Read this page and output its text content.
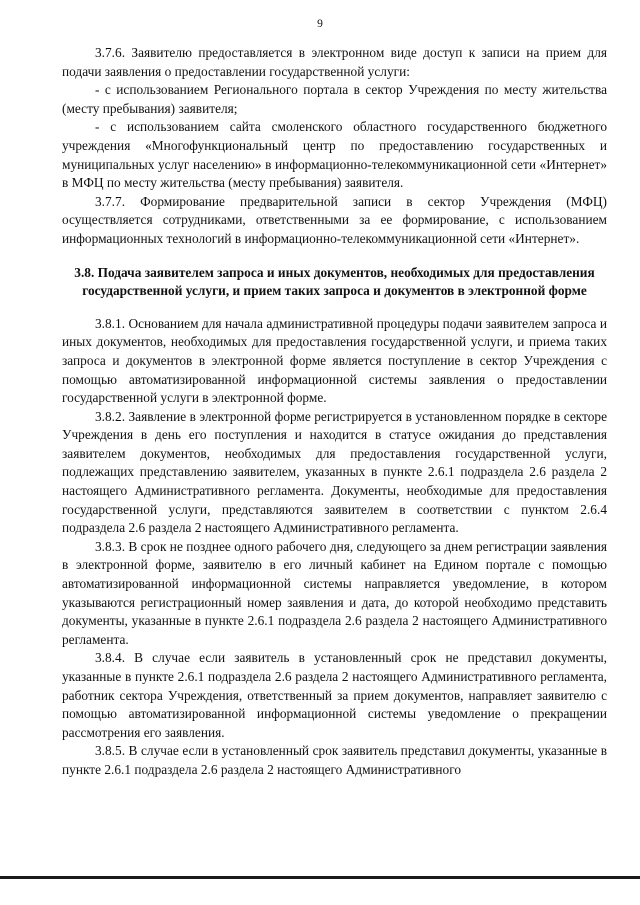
9

3.7.6. Заявителю предоставляется в электронном виде доступ к записи на прием для подачи заявления о предоставлении государственной услуги:

- с использованием Регионального портала в сектор Учреждения по месту жительства (месту пребывания) заявителя;

- с использованием сайта смоленского областного государственного бюджетного учреждения «Многофункциональный центр по предоставлению государственных и муниципальных услуг населению» в информационно-телекоммуникационной сети «Интернет» в МФЦ по месту жительства (месту пребывания) заявителя.

3.7.7. Формирование предварительной записи в сектор Учреждения (МФЦ) осуществляется сотрудниками, ответственными за ее формирование, с использованием информационных технологий в информационно-телекоммуникационной сети «Интернет».

3.8. Подача заявителем запроса и иных документов, необходимых для предоставления государственной услуги, и прием таких запроса и документов в электронной форме

3.8.1. Основанием для начала административной процедуры подачи заявителем запроса и иных документов, необходимых для предоставления государственной услуги, и приема таких запроса и документов в электронной форме является поступление в сектор Учреждения с помощью автоматизированной информационной системы заявления о предоставлении государственной услуги в электронной форме.

3.8.2. Заявление в электронной форме регистрируется в установленном порядке в секторе Учреждения в день его поступления и находится в статусе ожидания до представления заявителем документов, необходимых для предоставления государственной услуги, подлежащих представлению заявителем, указанных в пункте 2.6.1 подраздела 2.6 раздела 2 настоящего Административного регламента. Документы, необходимые для предоставления государственной услуги, представляются заявителем в соответствии с пунктом 2.6.4 подраздела 2.6 раздела 2 настоящего Административного регламента.

3.8.3. В срок не позднее одного рабочего дня, следующего за днем регистрации заявления в электронной форме, заявителю в его личный кабинет на Едином портале с помощью автоматизированной информационной системы направляется уведомление, в котором указываются регистрационный номер заявления и дата, до которой необходимо представить документы, указанные в пункте 2.6.1 подраздела 2.6 раздела 2 настоящего Административного регламента.

3.8.4. В случае если заявитель в установленный срок не представил документы, указанные в пункте 2.6.1 подраздела 2.6 раздела 2 настоящего Административного регламента, работник сектора Учреждения, ответственный за прием документов, направляет заявителю с помощью автоматизированной информационной системы уведомление о прекращении рассмотрения его заявления.

3.8.5. В случае если в установленный срок заявитель представил документы, указанные в пункте 2.6.1 подраздела 2.6 раздела 2 настоящего Административного
